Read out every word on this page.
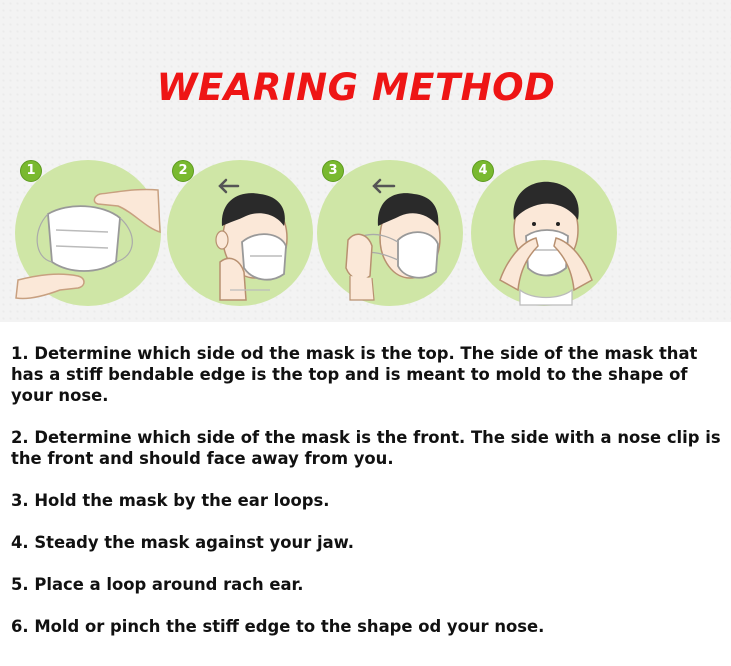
WEARING METHOD
1	2	3	4

1. Determine which side od the mask is the top. The side of the mask that has a stiff bendable edge is the top and is meant to mold to the shape of your nose.

2. Determine which side of the mask is the front. The side with a nose clip is the front and should face away from you.

3. Hold the mask by the ear loops.

4. Steady the mask against your jaw.

5. Place a loop around rach ear.

6. Mold or pinch the stiff edge to the shape od your nose.
